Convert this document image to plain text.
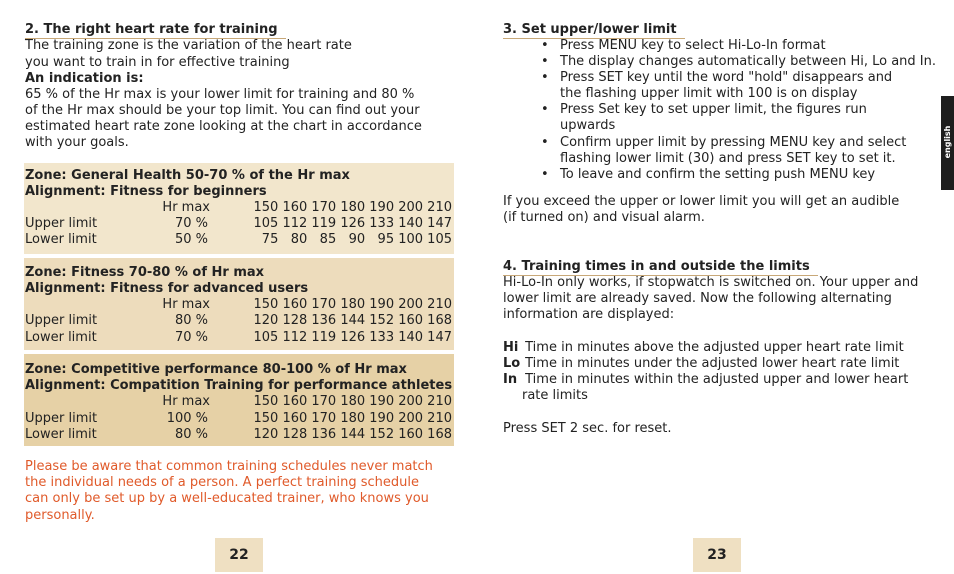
2. The right heart rate for training
The training zone is the variation of the heart rate
you want to train in for effective training
An indication is:
65 % of the Hr max is your lower limit for training and 80 %
of the Hr max should be your top limit. You can find out your
estimated heart rate zone looking at the chart in accordance
with your goals.
Zone: General Health 50-70 % of the Hr max
Alignment: Fitness for beginners
Hr max	150 160 170 180 190 200 210
Upper limit	70 %	105 112 119 126 133 140 147
Lower limit	50 %	75   80   85   90   95 100 105
Zone: Fitness 70-80 % of Hr max
Alignment: Fitness for advanced users
Hr max	150 160 170 180 190 200 210
Upper limit	80 %	120 128 136 144 152 160 168
Lower limit	70 %	105 112 119 126 133 140 147
Zone: Competitive performance 80-100 % of Hr max
Alignment: Compatition Training for performance athletes
Hr max	150 160 170 180 190 200 210
Upper limit	100 %	150 160 170 180 190 200 210
Lower limit	80 %	120 128 136 144 152 160 168
Please be aware that common training schedules never match
the individual needs of a person. A perfect training schedule
can only be set up by a well-educated trainer, who knows you
personally.
22
3. Set upper/lower limit
• Press MENU key to select Hi-Lo-In format
• The display changes automatically between Hi, Lo and In.
• Press SET key until the word "hold" disappears and
the flashing upper limit with 100 is on display
• Press Set key to set upper limit, the figures run
upwards
• Confirm upper limit by pressing MENU key and select
flashing lower limit (30) and press SET key to set it.
• To leave and confirm the setting push MENU key
If you exceed the upper or lower limit you will get an audible
(if turned on) and visual alarm.
4. Training times in and outside the limits
Hi-Lo-In only works, if stopwatch is switched on. Your upper and
lower limit are already saved. Now the following alternating
information are displayed:
Hi Time in minutes above the adjusted upper heart rate limit
Lo Time in minutes under the adjusted lower heart rate limit
In Time in minutes within the adjusted upper and lower heart
rate limits
Press SET 2 sec. for reset.
23
english
